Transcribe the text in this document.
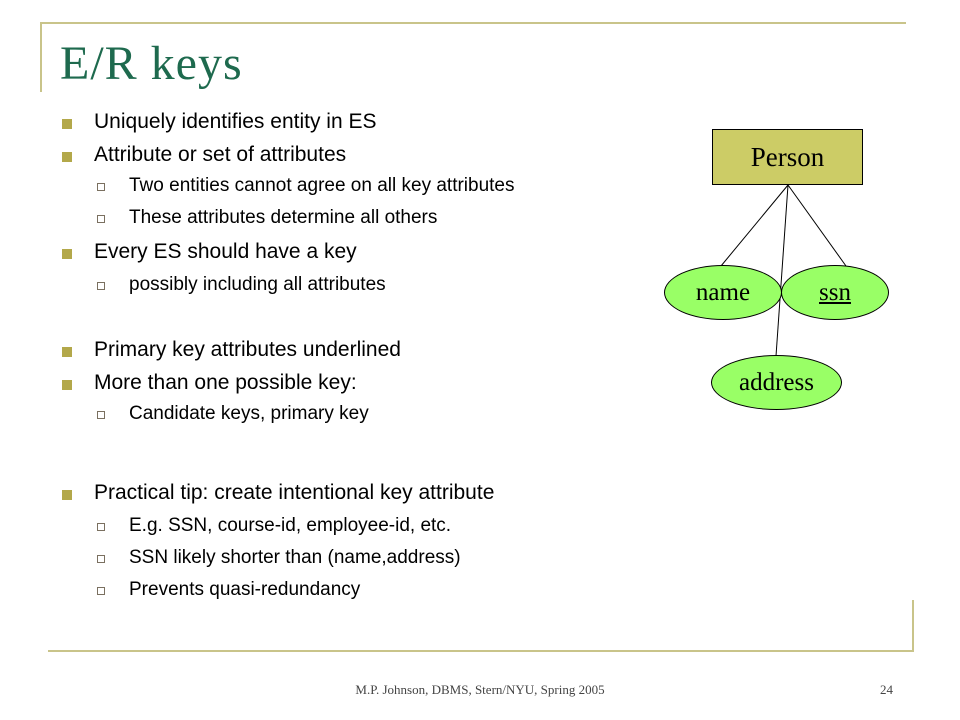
E/R keys
Uniquely identifies entity in ES
Attribute or set of attributes
Two entities cannot agree on all key attributes
These attributes determine all others
Every ES should have a key
possibly including all attributes
Primary key attributes underlined
More than one possible key:
Candidate keys, primary key
Practical tip: create intentional key attribute
E.g. SSN, course-id, employee-id, etc.
SSN likely shorter than (name,address)
Prevents quasi-redundancy
Person
name	ssn
address
M.P. Johnson, DBMS, Stern/NYU, Spring 2005	24
